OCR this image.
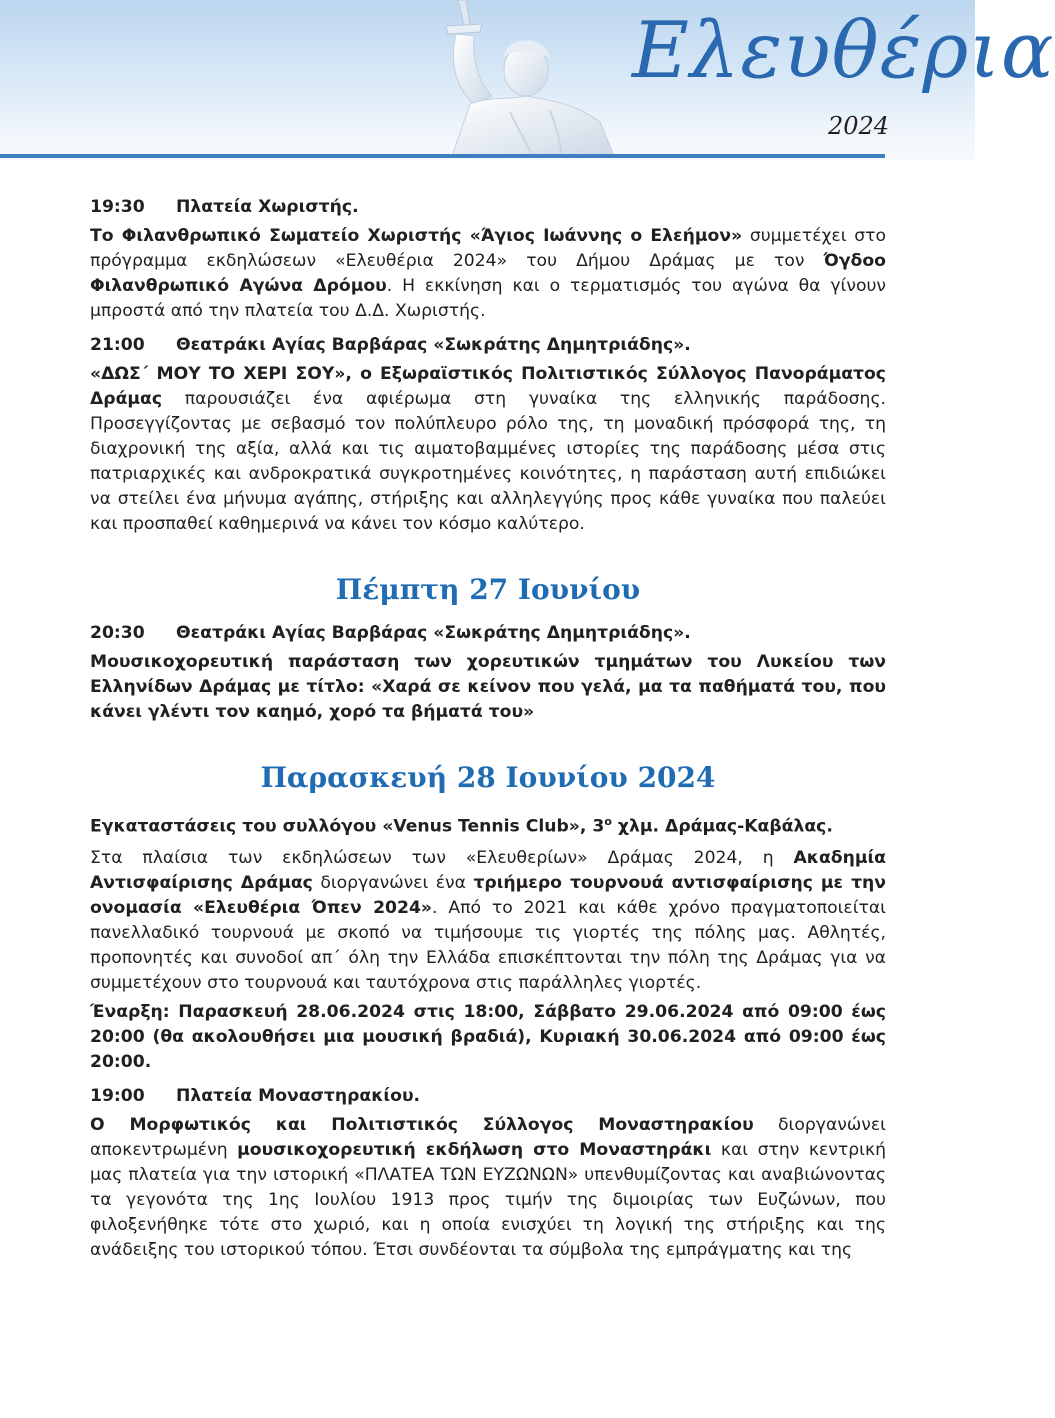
Ελευθέρια
2024

19:30 Πλατεία Χωριστής.

Το Φιλανθρωπικό Σωματείο Χωριστής «Άγιος Ιωάννης ο Ελεήμον» συμμετέχει στο πρόγραμμα εκδηλώσεων «Ελευθέρια 2024» του Δήμου Δράμας με τον Όγδοο Φιλανθρωπικό Αγώνα Δρόμου. Η εκκίνηση και ο τερματισμός του αγώνα θα γίνουν μπροστά από την πλατεία του Δ.Δ. Χωριστής.

21:00 Θεατράκι Αγίας Βαρβάρας «Σωκράτης Δημητριάδης».

«ΔΩΣ΄ ΜΟΥ ΤΟ ΧΕΡΙ ΣΟΥ», ο Εξωραϊστικός Πολιτιστικός Σύλλογος Πανοράματος Δράμας παρουσιάζει ένα αφιέρωμα στη γυναίκα της ελληνικής παράδοσης. Προσεγγίζοντας με σεβασμό τον πολύπλευρο ρόλο της, τη μοναδική πρόσφορά της, τη διαχρονική της αξία, αλλά και τις αιματοβαμμένες ιστορίες της παράδοσης μέσα στις πατριαρχικές και ανδροκρατικά συγκροτημένες κοινότητες, η παράσταση αυτή επιδιώκει να στείλει ένα μήνυμα αγάπης, στήριξης και αλληλεγγύης προς κάθε γυναίκα που παλεύει και προσπαθεί καθημερινά να κάνει τον κόσμο καλύτερο.

Πέμπτη 27 Ιουνίου

20:30 Θεατράκι Αγίας Βαρβάρας «Σωκράτης Δημητριάδης».

Μουσικοχορευτική παράσταση των χορευτικών τμημάτων του Λυκείου των Ελληνίδων Δράμας με τίτλο: «Χαρά σε κείνον που γελά, μα τα παθήματά του, που κάνει γλέντι τον καημό, χορό τα βήματά του»

Παρασκευή 28 Ιουνίου 2024

Εγκαταστάσεις του συλλόγου «Venus Tennis Club», $3^o$ χλμ. Δράμας-Καβάλας.

Στα πλαίσια των εκδηλώσεων των «Ελευθερίων» Δράμας 2024, η Ακαδημία Αντισφαίρισης Δράμας διοργανώνει ένα τριήμερο τουρνουά αντισφαίρισης με την ονομασία «Ελευθέρια Όπεν 2024». Από το 2021 και κάθε χρόνο πραγματοποιείται πανελλαδικό τουρνουά με σκοπό να τιμήσουμε τις γιορτές της πόλης μας. Αθλητές, προπονητές και συνοδοί απ΄ όλη την Ελλάδα επισκέπτονται την πόλη της Δράμας για να συμμετέχουν στο τουρνουά και ταυτόχρονα στις παράλληλες γιορτές.

Έναρξη: Παρασκευή 28.06.2024 στις 18:00, Σάββατο 29.06.2024 από 09:00 έως 20:00 (θα ακολουθήσει μια μουσική βραδιά), Κυριακή 30.06.2024 από 09:00 έως 20:00.

19:00 Πλατεία Μοναστηρακίου.

Ο Μορφωτικός και Πολιτιστικός Σύλλογος Μοναστηρακίου διοργανώνει αποκεντρωμένη μουσικοχορευτική εκδήλωση στο Μοναστηράκι και στην κεντρική μας πλατεία για την ιστορική «ΠΛΑΤΕΑ ΤΩΝ ΕΥΖΩΝΩΝ» υπενθυμίζοντας και αναβιώνοντας τα γεγονότα της 1ης Ιουλίου 1913 προς τιμήν της διμοιρίας των Ευζώνων, που φιλοξενήθηκε τότε στο χωριό, και η οποία ενισχύει τη λογική της στήριξης και της ανάδειξης του ιστορικού τόπου. Έτσι συνδέονται τα σύμβολα της εμπράγματης και της
